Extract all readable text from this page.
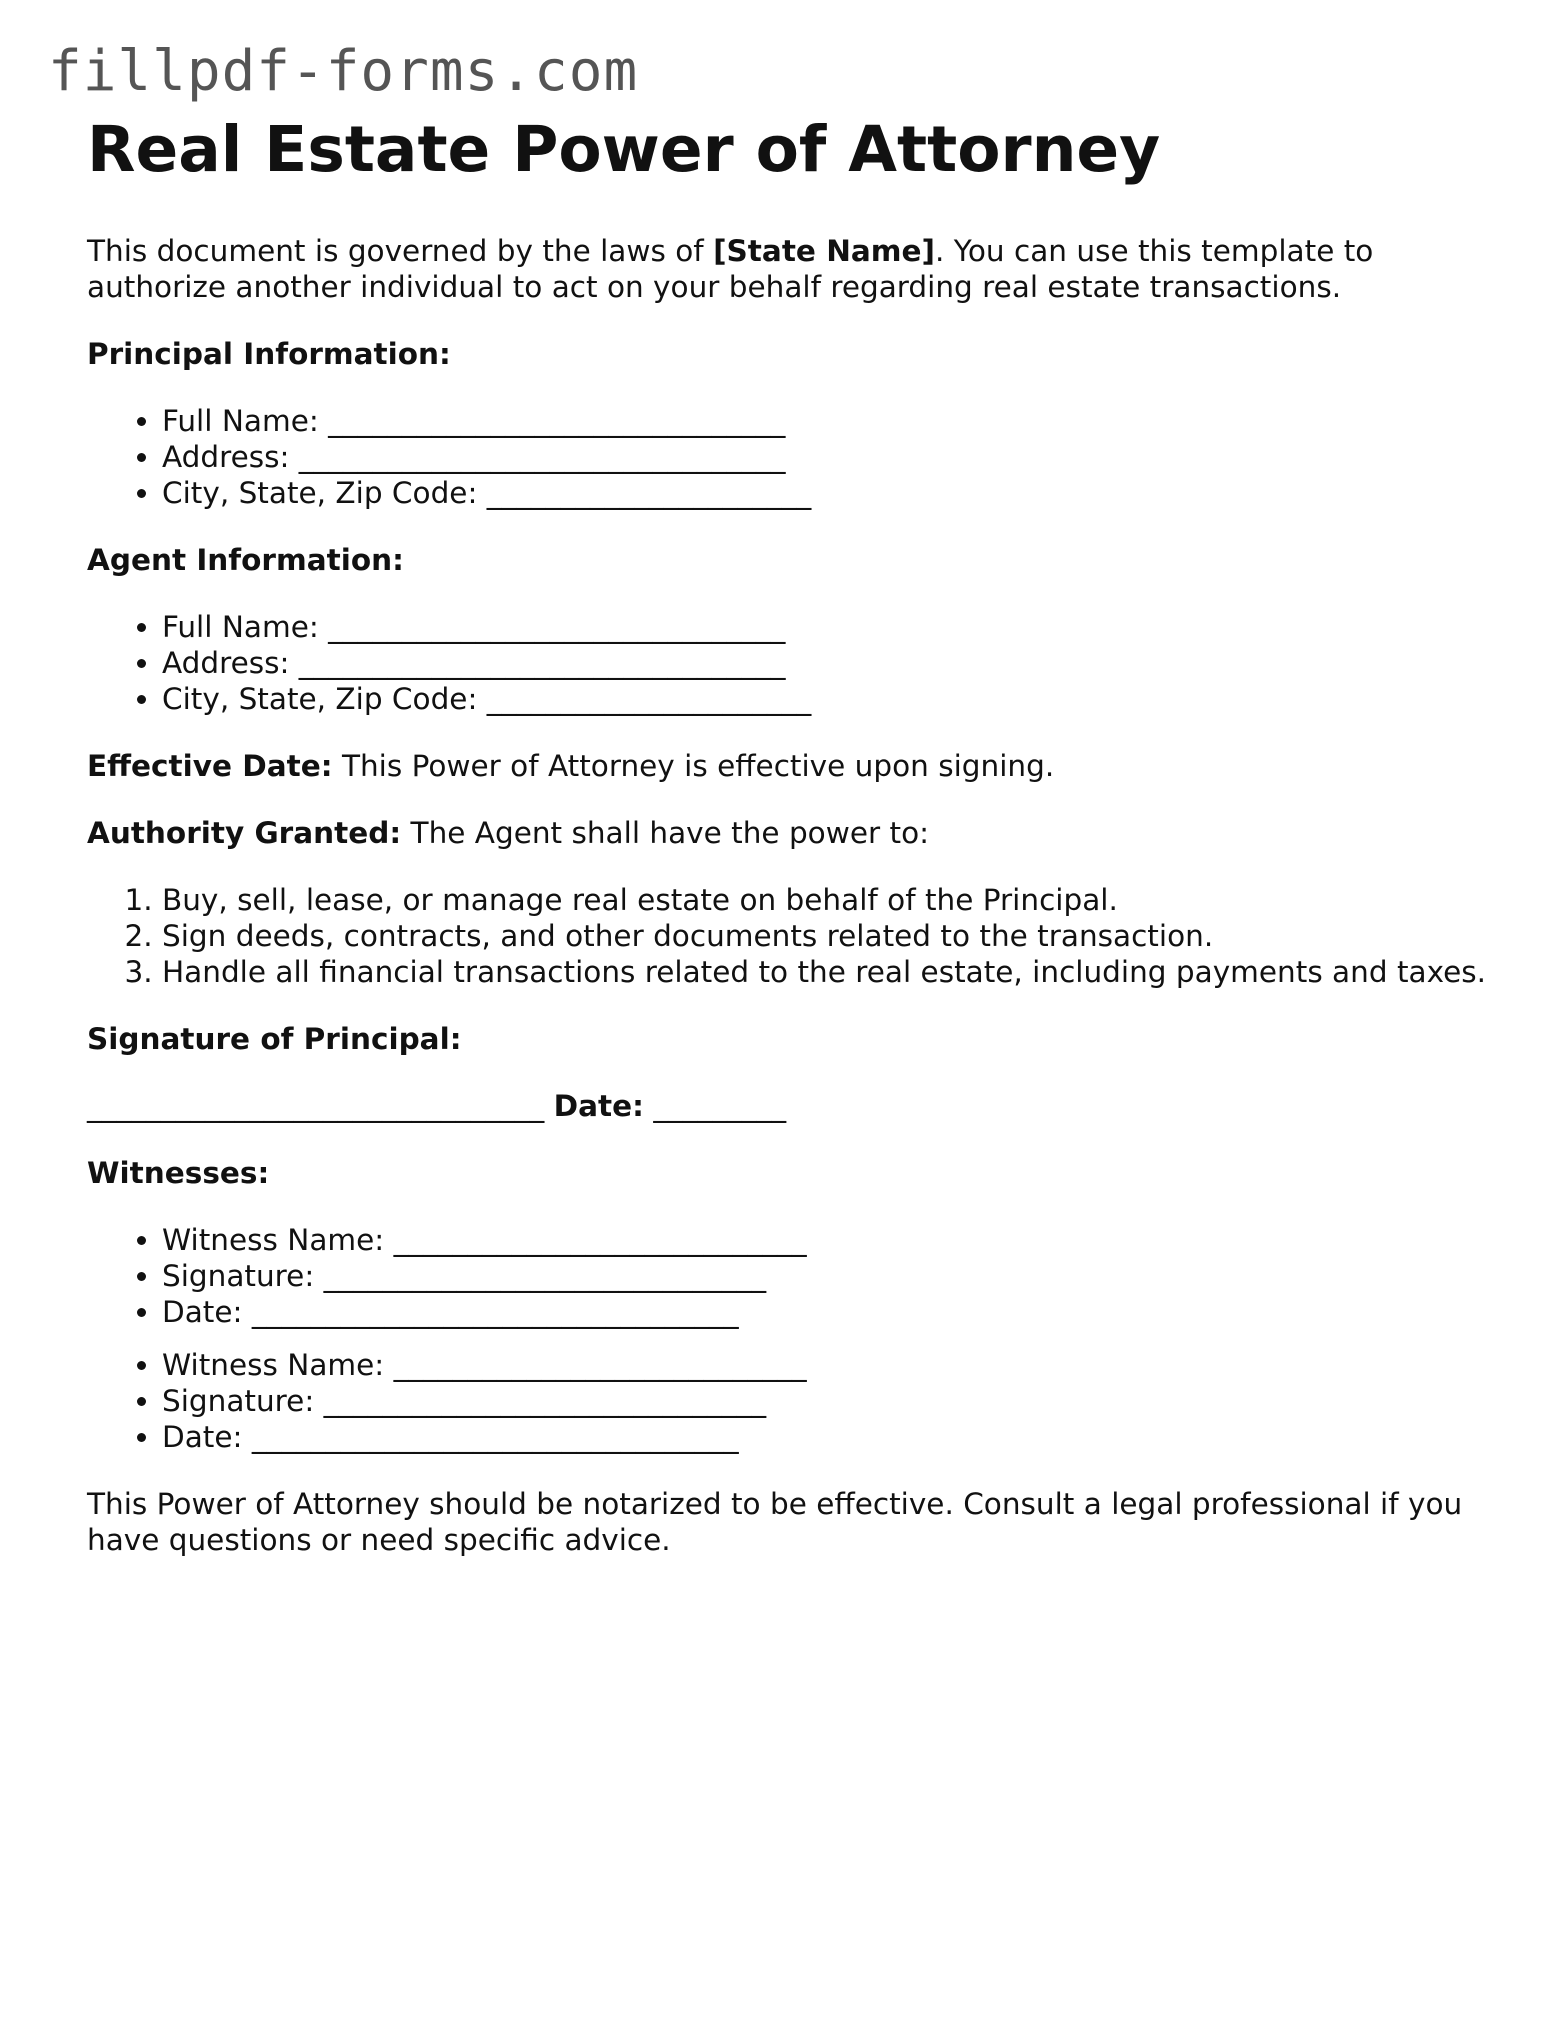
fillpdf-forms.com
Real Estate Power of Attorney

This document is governed by the laws of [State Name]. You can use this template to authorize another individual to act on your behalf regarding real estate transactions.

Principal Information:
• Full Name: _______________________________
• Address: _________________________________
• City, State, Zip Code: ______________________
Agent Information:
• Full Name: _______________________________
• Address: _________________________________
• City, State, Zip Code: ______________________

Effective Date: This Power of Attorney is effective upon signing.

Authority Granted: The Agent shall have the power to:

1. Buy, sell, lease, or manage real estate on behalf of the Principal.
2. Sign deeds, contracts, and other documents related to the transaction.
3. Handle all financial transactions related to the real estate, including payments and taxes.
Signature of Principal:
_______________________________ Date: _________
Witnesses:
• Witness Name: ____________________________
• Signature: ______________________________
• Date: _________________________________
• Witness Name: ____________________________
• Signature: ______________________________
• Date: _________________________________

This Power of Attorney should be notarized to be effective. Consult a legal professional if you have questions or need specific advice.
